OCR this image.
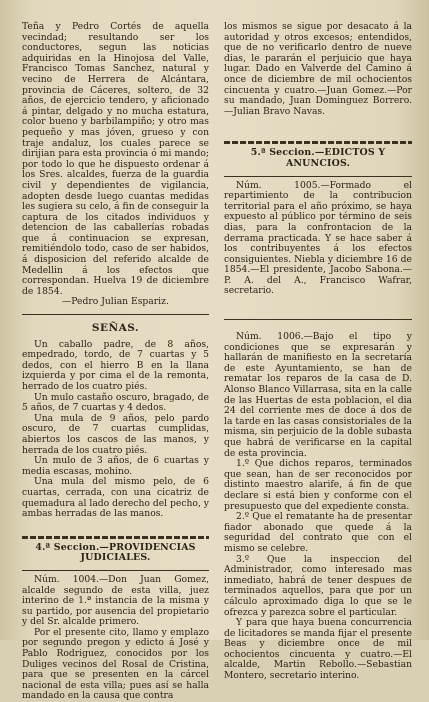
Teña y Pedro Cortés de aquella vecindad; resultando ser los conductores, segun las noticias adquiridas en la Hinojosa del Valle, Francisco Tomas Sanchez, natural y vecino de Herrera de Alcántara, provincia de Cáceres, soltero, de 32 años, de ejercicio tendero, y aficionado á pintar, delgado y no mucha estatura, color bueno y barbilampiño; y otro mas pequeño y mas jóven, grueso y con traje andaluz, los cuales parece se dirijian para esta provincia ó mi mando; por todo lo que he dispuesto ordenar á los Sres. alcaldes, fuerza de la guardia civil y dependientes de vigilancia, adopten desde luego cuantas medidas les sugiera su celo, á fin de conseguir la captura de los citados individuos y detencion de las caballerías robadas que á continuacion se expresan, remitiéndolo todo, caso de ser habidos, á disposicion del referido alcalde de Medellin á los efectos que correspondan. Huelva 19 de diciembre de 1854.

—Pedro Julian Espariz.

SEÑAS.

Un caballo padre, de 8 años, empedrado, tordo, de 7 cuartas y 5 dedos, con el hierro B en la llana izquierda y por cima el de la remonta, herrado de los cuatro piés.

Un mulo castaño oscuro, bragado, de 5 años, de 7 cuartas y 4 dedos.

Una mula de 9 años, pelo pardo oscuro, de 7 cuartas cumplidas, abiertos los cascos de las manos, y herrada de los cuatro piés.

Un mulo de 3 años, de 6 cuartas y media escasas, mohino.

Una mula del mismo pelo, de 6 cuartas, cerrada, con una cicatriz de quemadura al lado derecho del pecho, y ambas herradas de las manos.

4.ª Seccion.—PROVIDENCIAS JUDICIALES.

Núm. 1004.—Don Juan Gomez, alcalde segundo de esta villa, juez interino de 1.ª instancia de la misma y su partido, por ausencia del propietario y del Sr. alcalde primero.

Por el presente cito, llamo y emplazo por segundo pregon y edicto á José y Pablo Rodriguez, conocidos por los Duliges vecinos del Rosal de Cristina, para que se presenten en la cárcel nacional de esta villa; pues así se halla mandado en la causa que contra

los mismos se sigue por desacato á la autoridad y otros excesos; entendidos, que de no verificarlo dentro de nueve dias, le pararán el perjuicio que haya lugar. Dado en Valverde del Camino á once de diciembre de mil ochocientos cincuenta y cuatro.—Juan Gomez.—Por su mandado, Juan Dominguez Borrero.—Julian Bravo Navas.

5.ª Seccion.—EDICTOS Y ANUNCIOS.

Núm. 1005.—Formado el repartimiento de la contribucion territorial para el año próximo, se haya expuesto al público por término de seis dias, para la confrontacion de la derrama practicada. Y se hace saber á los contribuyentes á los efectos consiguientes. Niebla y diciembre 16 de 1854.—El presidente, Jacobo Sabona.—P. A. del A., Francisco Wafrar, secretario.

Núm. 1006.—Bajo el tipo y condiciones que se expresarán y hallarán de manifiesto en la secretaría de este Ayuntamiento, se han de rematar los reparos de la casa de D. Alonso Blanco Villarrasa, sita en la calle de las Huertas de esta poblacion, el dia 24 del corriente mes de doce á dos de la tarde en las casas consistoriales de la misma, sin perjuicio de la doble subasta que habrá de verificarse en la capital de esta provincia.

1.º Que dichos reparos, terminados que sean, han de ser reconocidos por distinto maestro alarife, á fin de que declare si está bien y conforme con el presupuesto que del expediente consta.

2.º Que el rematante ha de presentar fiador abonado que quede á la seguridad del contrato que con el mismo se celebre.

3.º Que la inspeccion del Administrador, como interesado mas inmediato, habrá de tener despues de terminados aquellos, para que por un cálculo aproximado diga lo que se le ofrezca y parezca sobre el particular.

Y para que haya buena concurrencia de licitadores se manda fijar el presente Beas y diciembre once de mil ochocientos cincuenta y cuatro.—El alcalde, Martin Rebollo.—Sebastian Montero, secretario interino.
